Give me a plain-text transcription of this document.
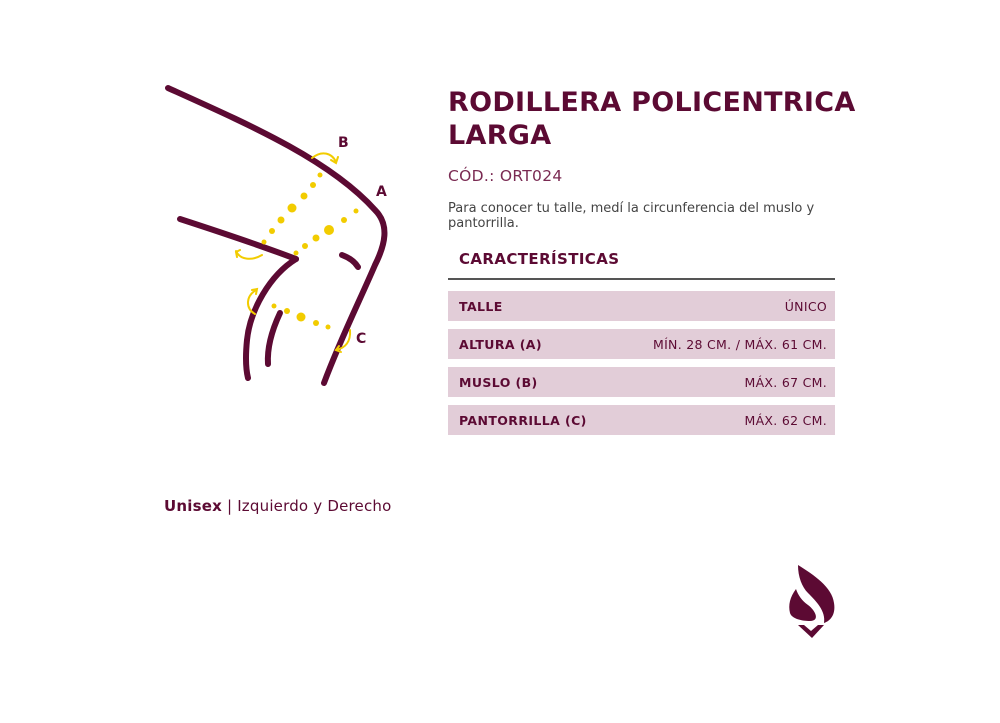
B
A
C
RODILLERA POLICENTRICA
LARGA
CÓD.: ORT024
Para conocer tu talle, medí la circunferencia del muslo y pantorrilla.
CARACTERÍSTICAS
TALLE	ÚNICO
ALTURA (A)	MÍN. 28 CM. / MÁX. 61 CM.
MUSLO (B)	MÁX. 67 CM.
PANTORRILLA (C)	MÁX. 62 CM.
Unisex | Izquierdo y Derecho
